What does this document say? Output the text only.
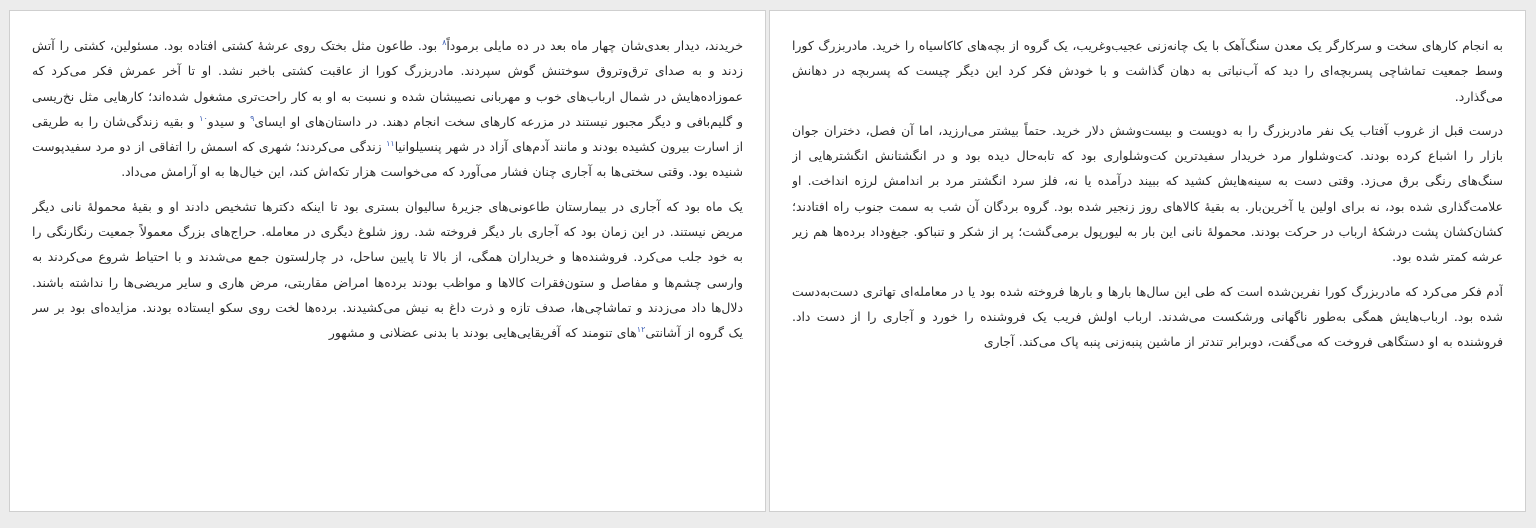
به انجام کارهای سخت و سرکارگر یک معدن سنگ‌آهک با یک چانه‌زنی عجیب‌وغریب، یک گروه از بچه‌های کاکاسیاه را خرید. مادربزرگ کورا وسط جمعیت تماشاچی پسربچه‌ای را دید که آب‌نباتی به دهان گذاشت و با خودش فکر کرد این دیگر چیست که پسربچه در دهانش می‌گذارد.

درست قبل از غروب آفتاب یک نفر مادربزرگ را به دویست و بیست‌وشش دلار خرید. حتماً بیشتر می‌ارزید، اما آن فصل، دختران جوان بازار را اشباع کرده بودند. کت‌وشلوار مرد خریدار سفیدترین کت‌وشلواری بود که تابه‌حال دیده بود و در انگشتانش انگشترهایی از سنگ‌های رنگی برق می‌زد. وقتی دست به سینه‌هایش کشید که ببیند درآمده یا نه، فلز سرد انگشتر مرد بر اندامش لرزه انداخت. او علامت‌گذاری شده بود، نه برای اولین یا آخرین‌بار. به بقیهٔ کالاهای روز زنجیر شده بود. گروه بردگان آن شب به سمت جنوب راه افتادند؛ کشان‌کشان پشت درشکهٔ ارباب در حرکت بودند. محمولهٔ نانی این بار به لیورپول برمی‌گشت؛ پر از شکر و تنباکو. جیغ‌وداد برده‌ها هم زیر عرشه کمتر شده بود.

آدم فکر می‌کرد که مادربزرگ کورا نفرین‌شده است که طی این سال‌ها بارها و بارها فروخته شده بود یا در معامله‌ای تهاتری دست‌به‌دست شده بود. ارباب‌هایش همگی به‌طور ناگهانی ورشکست می‌شدند. ارباب اولش فریب یک فروشنده را خورد و آجاری را از دست داد. فروشنده به او دستگاهی فروخت که می‌گفت، دوبرابر تندتر از ماشین پنبه‌زنی پنبه پاک می‌کند. آجاری

خریدند، دیدار بعدی‌شان چهار ماه بعد در ده مایلی برموداً$^۸$ بود. طاعون مثل بختک روی عرشهٔ کشتی افتاده بود. مسئولین، کشتی را آتش زدند و به صدای ترق‌وتروق سوختنش گوش سپردند. مادربزرگ کورا از عاقبت کشتی باخبر نشد. او تا آخر عمرش فکر می‌کرد که عموزاده‌هایش در شمال ارباب‌های خوب و مهربانی نصیبشان شده و نسبت به او به کار راحت‌تری مشغول شده‌اند؛ کارهایی مثل نخ‌ریسی و گلیم‌بافی و دیگر مجبور نیستند در مزرعه کارهای سخت انجام دهند. در داستان‌های او ایسای$^۹$ و سیدو$^{۱۰}$ و بقیه زندگی‌شان را به طریقی از اسارت بیرون کشیده بودند و مانند آدم‌های آزاد در شهر پنسیلوانیا$^{۱۱}$ زندگی می‌کردند؛ شهری که اسمش را اتفاقی از دو مرد سفیدپوست شنیده بود. وقتی سختی‌ها به آجاری چنان فشار می‌آورد که می‌خواست هزار تکه‌اش کند، این خیال‌ها به او آرامش می‌داد.

یک ماه بود که آجاری در بیمارستان طاعونی‌های جزیرهٔ سالیوان بستری بود تا اینکه دکترها تشخیص دادند او و بقیهٔ محمولهٔ نانی دیگر مریض نیستند. در این زمان بود که آجاری بار دیگر فروخته شد. روز شلوغ دیگری در معامله. حراج‌های بزرگ معمولاً جمعیت رنگارنگی را به خود جلب می‌کرد. فروشنده‌ها و خریداران همگی، از بالا تا پایین ساحل، در چارلستون جمع می‌شدند و با احتیاط شروع می‌کردند به وارسی چشم‌ها و مفاصل و ستون‌فقرات کالاها و مواظب بودند برده‌ها امراض مقاربتی، مرض هاری و سایر مریضی‌ها را نداشته باشند. دلال‌ها داد می‌زدند و تماشاچی‌ها، صدف تازه و ذرت داغ به نیش می‌کشیدند. برده‌ها لخت روی سکو ایستاده بودند. مزایده‌ای بود بر سر یک گروه از آشانتی$^{۱۲}$های تنومند که آفریقایی‌هایی بودند با بدنی عضلانی و مشهور
